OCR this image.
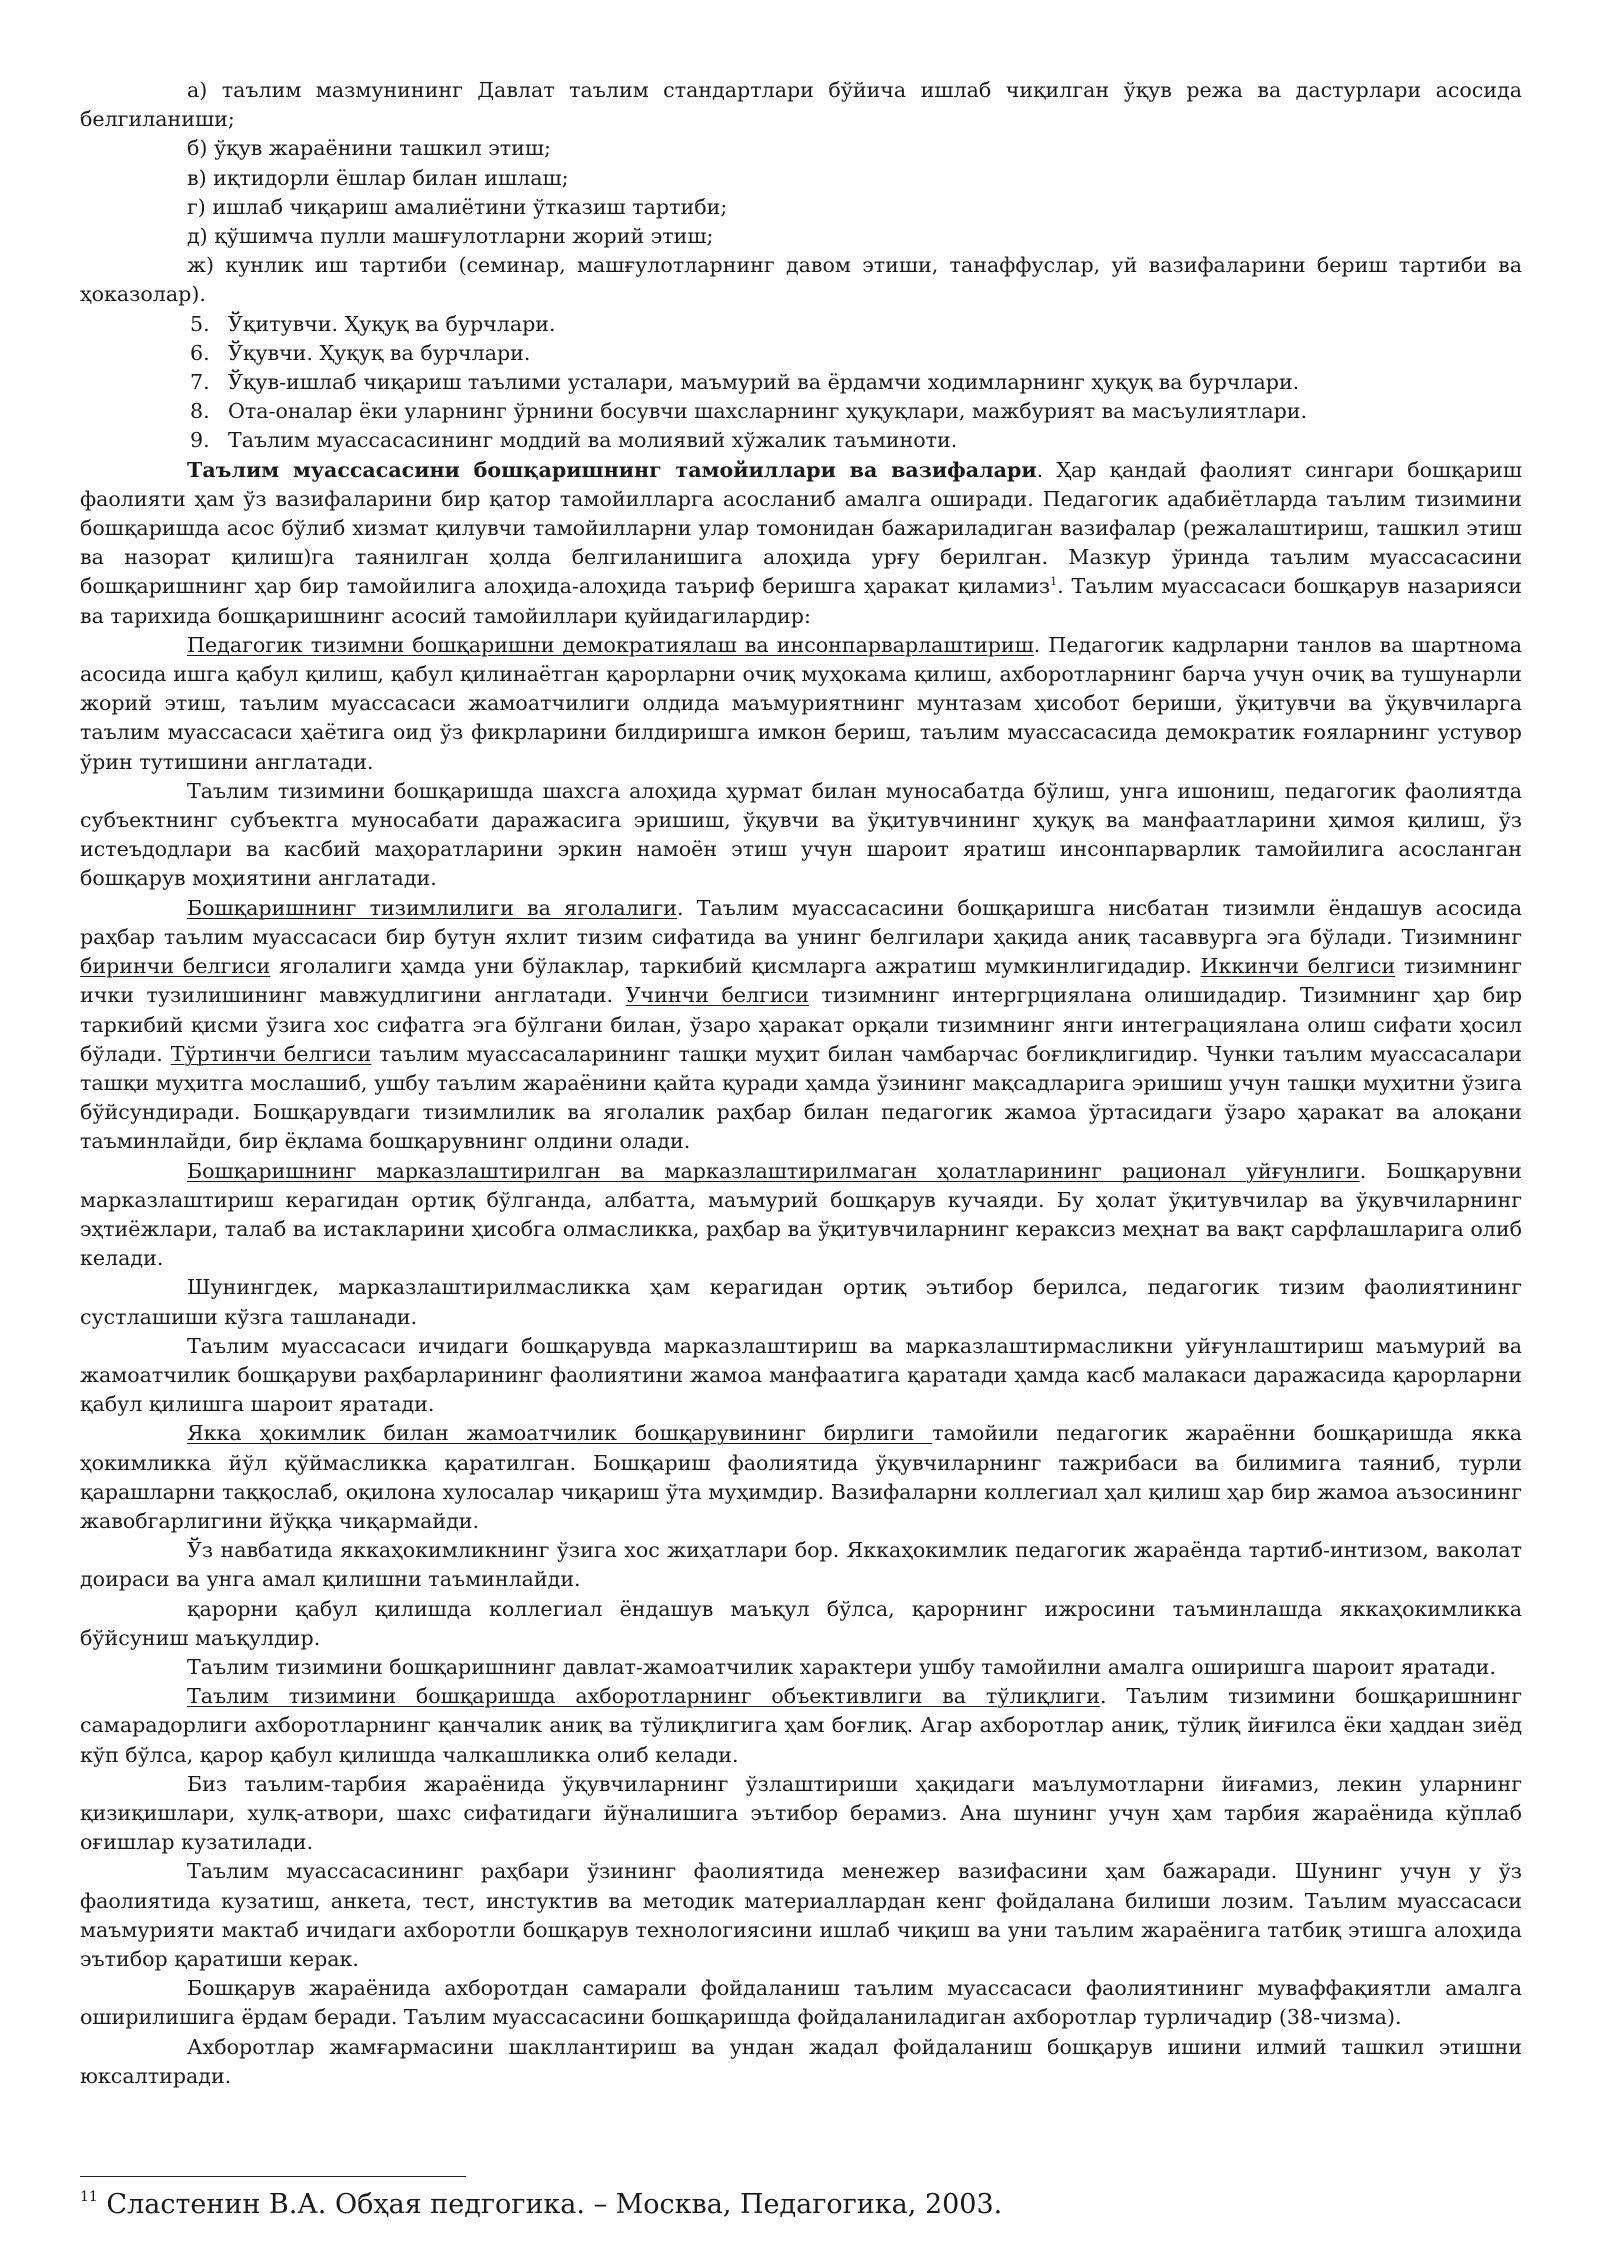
а) таълим мазмунининг Давлат таълим стандартлари бўйича ишлаб чиқилган ўқув режа ва дастурлари асосида белгиланиши;

б) ўқув жараёнини ташкил этиш;

в) иқтидорли ёшлар билан ишлаш;

г) ишлаб чиқариш амалиётини ўтказиш тартиби;

д) қўшимча пулли машғулотларни жорий этиш;

ж) кунлик иш тартиби (семинар, машғулотларнинг давом этиши, танаффуслар, уй вазифаларини бериш тартиби ва ҳоказолар).

5. Ўқитувчи. Ҳуқуқ ва бурчлари.
6. Ўқувчи. Ҳуқуқ ва бурчлари.
7. Ўқув-ишлаб чиқариш таълими усталари, маъмурий ва ёрдамчи ходимларнинг ҳуқуқ ва бурчлари.
8. Ота-оналар ёки уларнинг ўрнини босувчи шахсларнинг ҳуқуқлари, мажбурият ва масъулиятлари.
9. Таълим муассасасининг моддий ва молиявий хўжалик таъминоти.

Таълим муассасасини бошқаришнинг тамойиллари ва вазифалари. Ҳар қандай фаолият сингари бошқариш фаолияти ҳам ўз вазифаларини бир қатор тамойилларга асосланиб амалга оширади. Педагогик адабиётларда таълим тизимини бошқаришда асос бўлиб хизмат қилувчи тамойилларни улар томонидан бажариладиган вазифалар (режалаштириш, ташкил этиш ва назорат қилиш)га таянилган ҳолда белгиланишига алоҳида урғу берилган. Мазкур ўринда таълим муассасасини бошқаришнинг ҳар бир тамойилига алоҳида-алоҳида таъриф беришга ҳаракат қиламиз$^1$. Таълим муассасаси бошқарув назарияси ва тарихида бошқаришнинг асосий тамойиллари қуйидагилардир:

Педагогик тизимни бошқаришни демократиялаш ва инсонпарварлаштириш. Педагогик кадрларни танлов ва шартнома асосида ишга қабул қилиш, қабул қилинаётган қарорларни очиқ муҳокама қилиш, ахборотларнинг барча учун очиқ ва тушунарли жорий этиш, таълим муассасаси жамоатчилиги олдида маъмуриятнинг мунтазам ҳисобот бериши, ўқитувчи ва ўқувчиларга таълим муассасаси ҳаётига оид ўз фикрларини билдиришга имкон бериш, таълим муассасасида демократик ғояларнинг устувор ўрин тутишини англатади.

Таълим тизимини бошқаришда шахсга алоҳида ҳурмат билан муносабатда бўлиш, унга ишониш, педагогик фаолиятда субъектнинг субъектга муносабати даражасига эришиш, ўқувчи ва ўқитувчининг ҳуқуқ ва манфаатларини ҳимоя қилиш, ўз истеъдодлари ва касбий маҳоратларини эркин намоён этиш учун шароит яратиш инсонпарварлик тамойилига асосланган бошқарув моҳиятини англатади.

Бошқаришнинг тизимлилиги ва яголалиги. Таълим муассасасини бошқаришга нисбатан тизимли ёндашув асосида раҳбар таълим муассасаси бир бутун яхлит тизим сифатида ва унинг белгилари ҳақида аниқ тасаввурга эга бўлади. Тизимнинг биринчи белгиси яголалиги ҳамда уни бўлаклар, таркибий қисмларга ажратиш мумкинлигидадир. Иккинчи белгиси тизимнинг ички тузилишининг мавжудлигини англатади. Учинчи белгиси тизимнинг интергрцияланa олишидадир. Тизимнинг ҳар бир таркибий қисми ўзига хос сифатга эга бўлгани билан, ўзаро ҳаракат орқали тизимнинг янги интеграциялана олиш сифати ҳосил бўлади. Тўртинчи белгиси таълим муассасаларининг ташқи муҳит билан чамбарчас боғлиқлигидир. Чунки таълим муассасалари ташқи муҳитга мослашиб, ушбу таълим жараёнини қайта қуради ҳамда ўзининг мақсадларига эришиш учун ташқи муҳитни ўзига бўйсундиради. Бошқарувдаги тизимлилик ва яголалик раҳбар билан педагогик жамоа ўртасидаги ўзаро ҳаракат ва алоқани таъминлайди, бир ёқлама бошқарувнинг олдини олади.

Бошқаришнинг марказлаштирилган ва марказлаштирилмаган ҳолатларининг рационал уйғунлиги. Бошқарувни марказлаштириш керагидан ортиқ бўлганда, албатта, маъмурий бошқарув кучаяди. Бу ҳолат ўқитувчилар ва ўқувчиларнинг эҳтиёжлари, талаб ва истакларини ҳисобга олмасликка, раҳбар ва ўқитувчиларнинг кераксиз меҳнат ва вақт сарфлашларига олиб келади.

Шунингдек, марказлаштирилмасликка ҳам керагидан ортиқ эътибор берилса, педагогик тизим фаолиятининг сустлашиши кўзга ташланади.

Таълим муассасаси ичидаги бошқарувда марказлаштириш ва марказлаштирмасликни уйғунлаштириш маъмурий ва жамоатчилик бошқаруви раҳбарларининг фаолиятини жамоа манфаатига қаратади ҳамда касб малакаси даражасида қарорларни қабул қилишга шароит яратади.

Якка ҳокимлик билан жамоатчилик бошқарувининг бирлиги тамойили педагогик жараённи бошқаришда якка ҳокимликка йўл қўймасликка қаратилган. Бошқариш фаолиятида ўқувчиларнинг тажрибаси ва билимига таяниб, турли қарашларни таққослаб, оқилона хулосалар чиқариш ўта муҳимдир. Вазифаларни коллегиал ҳал қилиш ҳар бир жамоа аъзосининг жавобгарлигини йўққа чиқармайди.

Ўз навбатида яккаҳокимликнинг ўзига хос жиҳатлари бор. Яккаҳокимлик педагогик жараёнда тартиб-интизом, ваколат доираси ва унга амал қилишни таъминлайди.

қарорни қабул қилишда коллегиал ёндашув маъқул бўлса, қарорнинг ижросини таъминлашда яккаҳокимликка бўйсуниш маъқулдир.

Таълим тизимини бошқаришнинг давлат-жамоатчилик характери ушбу тамойилни амалга оширишга шароит яратади.

Таълим тизимини бошқаришда ахборотларнинг объективлиги ва тўлиқлиги. Таълим тизимини бошқаришнинг самарадорлиги ахборотларнинг қанчалик аниқ ва тўлиқлигига ҳам боғлиқ. Агар ахборотлар аниқ, тўлиқ йиғилса ёки ҳаддан зиёд кўп бўлса, қарор қабул қилишда чалкашликка олиб келади.

Биз таълим-тарбия жараёнида ўқувчиларнинг ўзлаштириши ҳақидаги маълумотларни йиғамиз, лекин уларнинг қизиқишлари, хулқ-атвори, шахс сифатидаги йўналишига эътибор берамиз. Ана шунинг учун ҳам тарбия жараёнида кўплаб оғишлар кузатилади.

Таълим муассасасининг раҳбари ўзининг фаолиятида менежер вазифасини ҳам бажаради. Шунинг учун у ўз фаолиятида кузатиш, анкета, тест, инстуктив ва методик материаллардан кенг фойдалана билиши лозим. Таълим муассасаси маъмурияти мактаб ичидаги ахборотли бошқарув технологиясини ишлаб чиқиш ва уни таълим жараёнига татбиқ этишга алоҳида эътибор қаратиши керак.

Бошқарув жараёнида ахборотдан самарали фойдаланиш таълим муассасаси фаолиятининг муваффақиятли амалга оширилишига ёрдам беради. Таълим муассасасини бошқаришда фойдаланиладиган ахборотлар турличадир (38-чизма).

Ахборотлар жамғармасини шакллантириш ва ундан жадал фойдаланиш бошқарув ишини илмий ташкил этишни юксалтиради.

$^{11}$ Сластенин В.А. Обҳая педгогика. – Москва, Педагогика, 2003.
